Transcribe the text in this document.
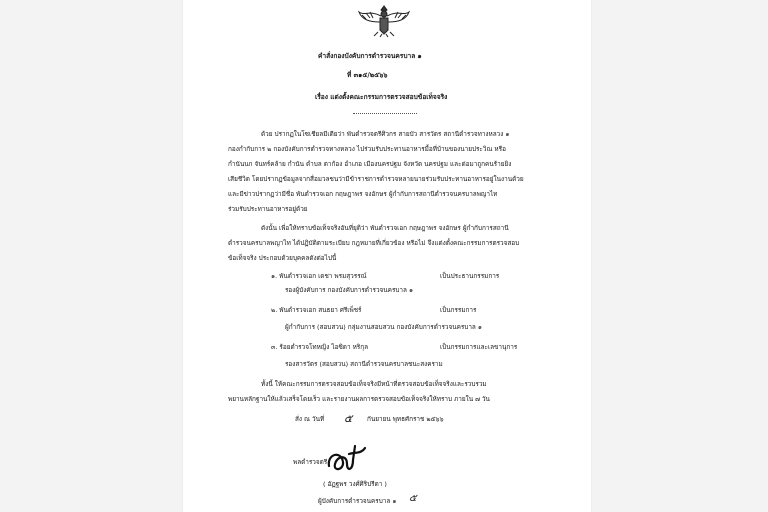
คำสั่งกองบังคับการตำรวจนครบาล ๑
ที่ ๓๑๕/๒๕๖๖
เรื่อง แต่งตั้งคณะกรรมการตรวจสอบข้อเท็จจริง
ด้วย ปรากฏในโซเชียลมีเดียว่า พันตำรวจตรีศิวกร สายบัว สารวัตร สถานีตำรวจทางหลวง ๑
กองกำกับการ ๒ กองบังคับการตำรวจทางหลวง ไปร่วมรับประทานอาหารมื้อที่บ้านของนายประวิณ หรือ
กำนันนก จันทร์คล้าย กำนัน ตำบล ตาก้อง อำเภอ เมืองนครปฐม จังหวัด นครปฐม และต่อมาถูกคนร้ายยิง
เสียชีวิต โดยปรากฏข้อมูลจากสื่อมวลชนว่ามีข้าราชการตำรวจหลายนายร่วมรับประทานอาหารอยู่ในงานด้วย
และมีข่าวปรากฏว่ามีชื่อ พันตำรวจเอก กฤษฎาพร จงอักษร ผู้กำกับการสถานีตำรวจนครบาลพญาไท
ร่วมรับประทานอาหารอยู่ด้วย
ดังนั้น เพื่อให้ทราบข้อเท็จจริงอันที่ยุติว่า พันตำรวจเอก กฤษฎาพร จงอักษร ผู้กำกับการสถานี
ตำรวจนครบาลพญาไท ได้ปฏิบัติตามระเบียบ กฎหมายที่เกี่ยวข้อง หรือไม่ จึงแต่งตั้งคณะกรรมการตรวจสอบ
ข้อเท็จจริง ประกอบด้วยบุคคลดังต่อไปนี้
๑. พันตำรวจเอก เดชา พรมสุวรรณ์	เป็นประธานกรรมการ
รองผู้บังคับการ กองบังคับการตำรวจนครบาล ๑
๒. พันตำรวจเอก สนธยา ศรีเพ็ชร์	เป็นกรรมการ
ผู้กำกับการ (สอบสวน) กลุ่มงานสอบสวน กองบังคับการตำรวจนครบาล ๑
๓. ร้อยตำรวจโทหญิง ไอซิดา หริกุล	เป็นกรรมการและเลขานุการ
รองสารวัตร (สอบสวน) สถานีตำรวจนครบาลชนะสงคราม
ทั้งนี้ ให้คณะกรรมการตรวจสอบข้อเท็จจริงมีหน้าที่ตรวจสอบข้อเท็จจริงและรวบรวม
พยานหลักฐานให้แล้วเสร็จโดยเร็ว และรายงานผลการตรวจสอบข้อเท็จจริงให้ทราบ ภายใน ๗ วัน
สั่ง ณ วันที่ ๕ กันยายน พุทธศักราช ๒๕๖๖
พลตำรวจตรี
( อัฏฐพร วงศ์ศิริปรีดา )
ผู้บังคับการตำรวจนครบาล ๑ ๕
